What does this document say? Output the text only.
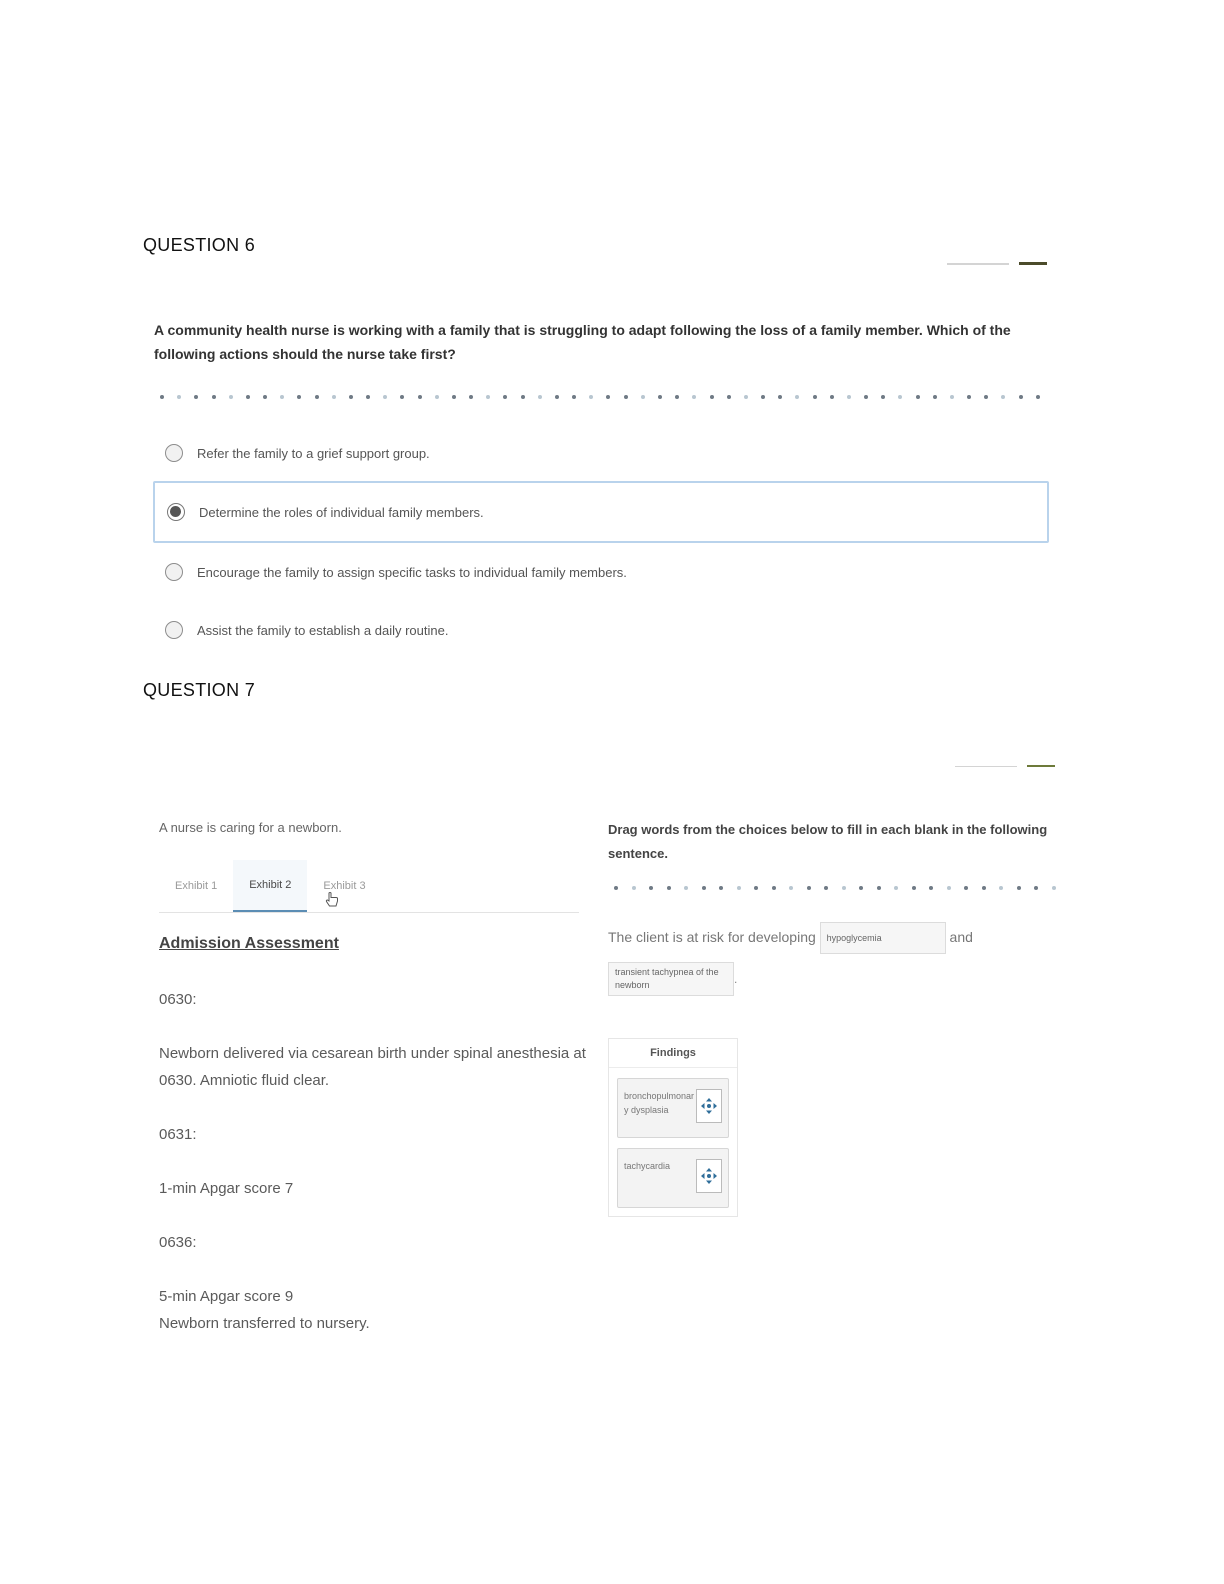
QUESTION 6
A community health nurse is working with a family that is struggling to adapt following the loss of a family member. Which of the following actions should the nurse take first?
Refer the family to a grief support group.
Determine the roles of individual family members.
Encourage the family to assign specific tasks to individual family members.
Assist the family to establish a daily routine.
QUESTION 7
A nurse is caring for a newborn.
Exhibit 1	Exhibit 2	Exhibit 3
Admission Assessment
0630:
Newborn delivered via cesarean birth under spinal anesthesia at 0630. Amniotic fluid clear.
0631:
1-min Apgar score 7
0636:
5-min Apgar score 9
Newborn transferred to nursery.
Drag words from the choices below to fill in each blank in the following sentence.
The client is at risk for developing hypoglycemia	and
transient tachypnea of the newborn	.
Findings
bronchopulmonary dysplasia
tachycardia
